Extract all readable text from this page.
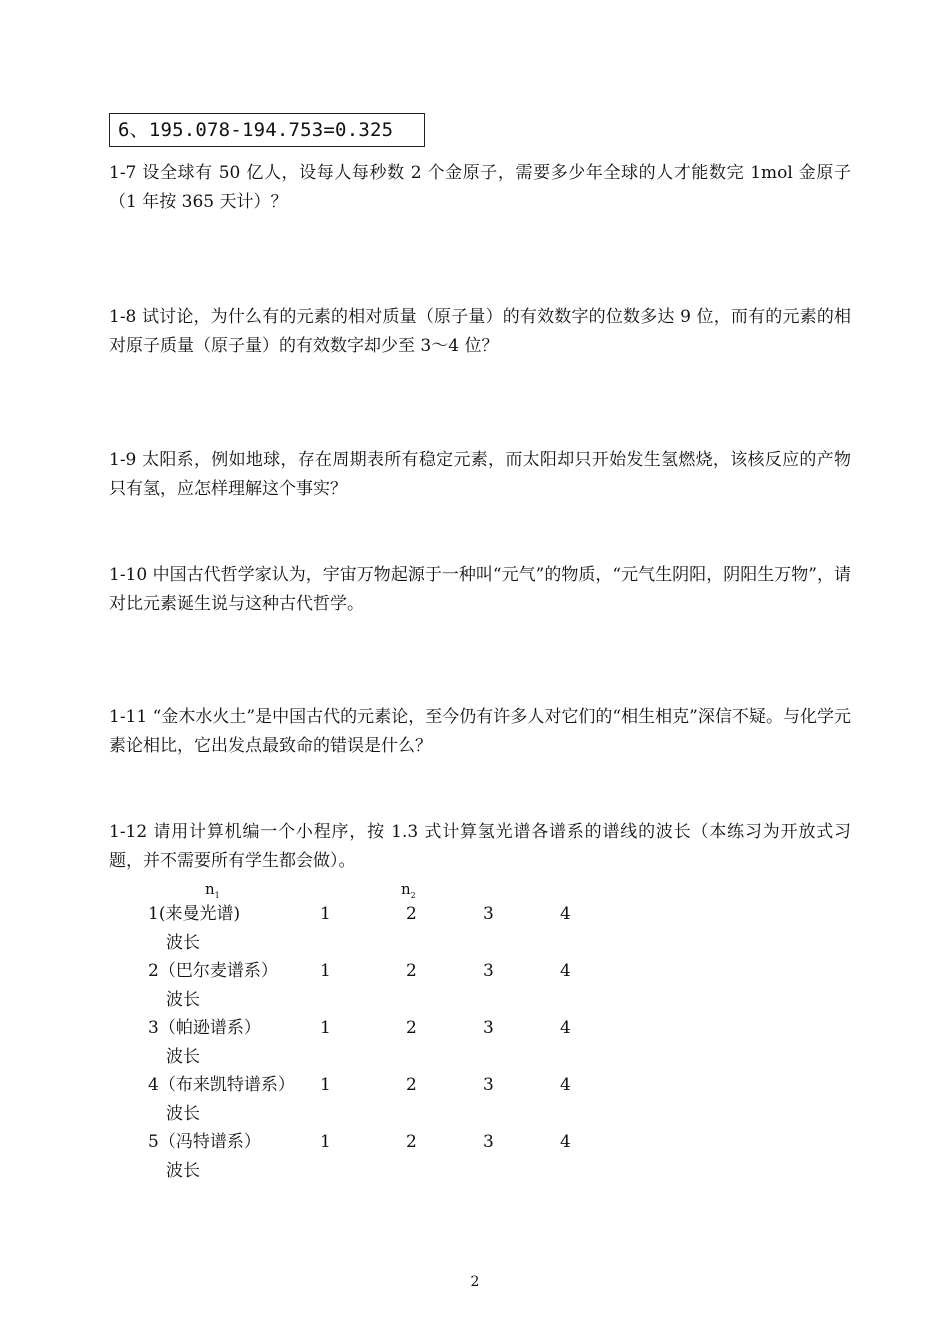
6、195.078-194.753=0.325

1-7 设全球有 50 亿人，设每人每秒数 2 个金原子，需要多少年全球的人才能数完 1mol 金原子（1 年按 365 天计）？

1-8 试讨论，为什么有的元素的相对质量（原子量）的有效数字的位数多达 9 位，而有的元素的相对原子质量（原子量）的有效数字却少至 3～4 位？

1-9 太阳系，例如地球，存在周期表所有稳定元素，而太阳却只开始发生氢燃烧，该核反应的产物只有氢，应怎样理解这个事实？

1-10 中国古代哲学家认为，宇宙万物起源于一种叫“元气”的物质，“元气生阴阳，阴阳生万物”，请对比元素诞生说与这种古代哲学。

1-11 “金木水火土”是中国古代的元素论，至今仍有许多人对它们的“相生相克”深信不疑。与化学元素论相比，它出发点最致命的错误是什么？

1-12 请用计算机编一个小程序，按 1.3 式计算氢光谱各谱系的谱线的波长（本练习为开放式习题，并不需要所有学生都会做）。

$n_1$	$n_2$
1(来曼光谱)	1	2	3	4
波长
2（巴尔麦谱系） 1	2	3	4
波长
3（帕逊谱系）	1	2	3	4
波长
4（布来凯特谱系） 1	2	3	4
波长
5（冯特谱系）	1	2	3	4
波长
2
